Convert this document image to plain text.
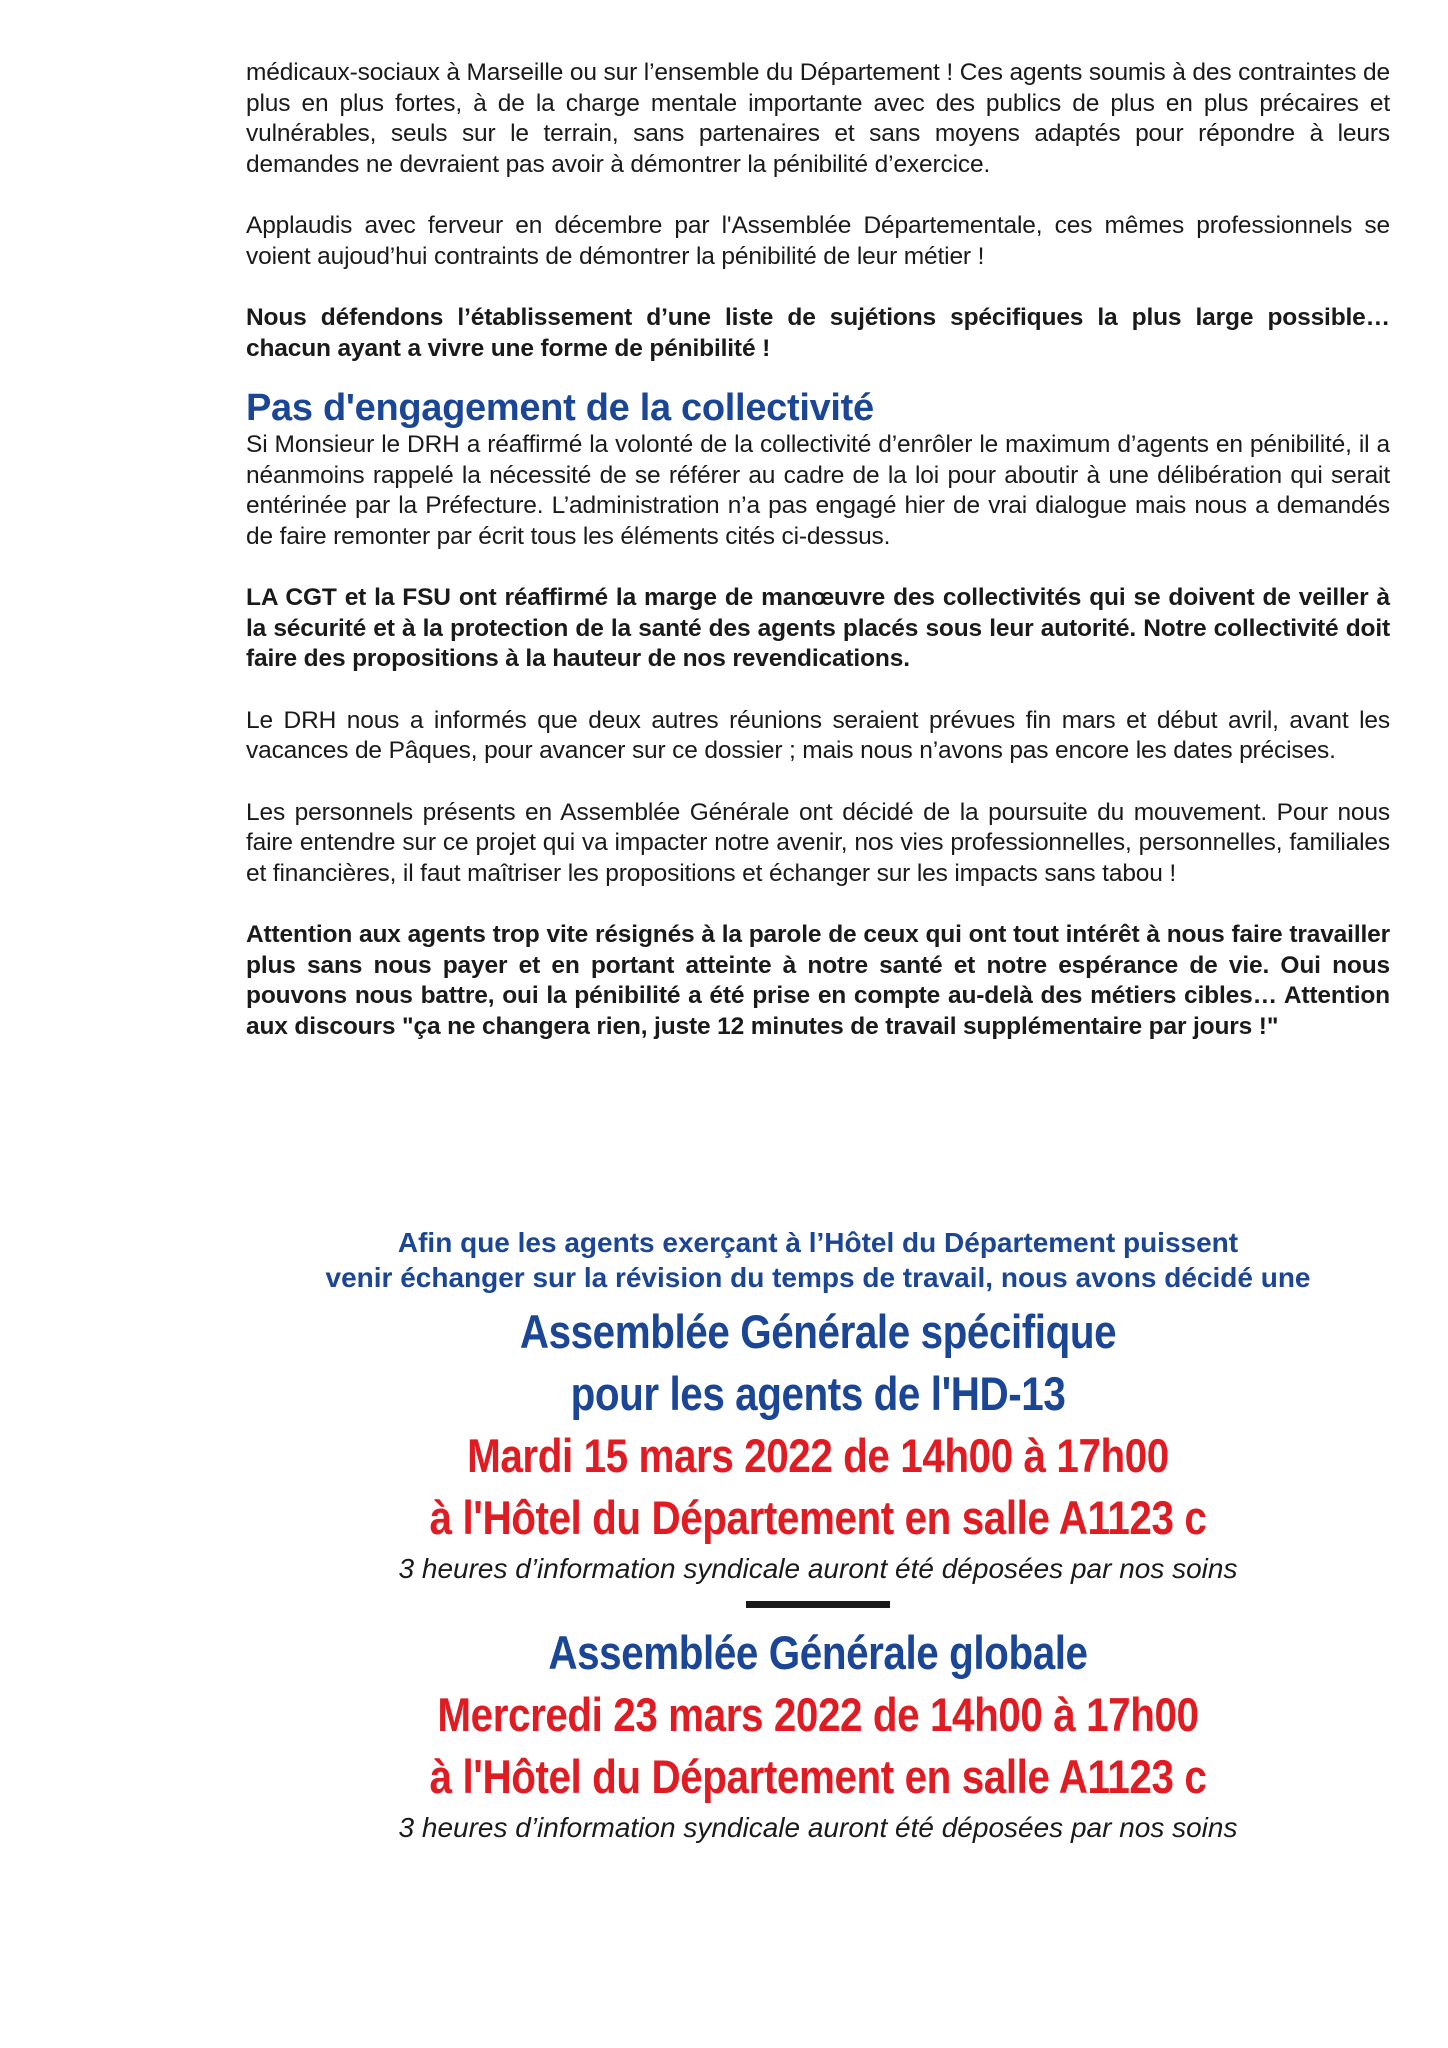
médicaux-sociaux à Marseille ou sur l’ensemble du Département ! Ces agents soumis à des contraintes de plus en plus fortes, à de la charge mentale importante avec des publics de plus en plus précaires et vulnérables, seuls sur le terrain, sans partenaires et sans moyens adaptés pour répondre à leurs demandes ne devraient pas avoir à démontrer la pénibilité d’exercice.

Applaudis avec ferveur en décembre par l'Assemblée Départementale, ces mêmes professionnels se voient aujoud’hui contraints de démontrer la pénibilité de leur métier !

Nous défendons l’établissement d’une liste de sujétions spécifiques la plus large possible… chacun ayant a vivre une forme de pénibilité !

Pas d'engagement de la collectivité

Si Monsieur le DRH a réaffirmé la volonté de la collectivité d’enrôler le maximum d’agents en pénibilité, il a néanmoins rappelé la nécessité de se référer au cadre de la loi pour aboutir à une délibération qui serait entérinée par la Préfecture. L’administration n’a pas engagé hier de vrai dialogue mais nous a demandés de faire remonter par écrit tous les éléments cités ci-dessus.

LA CGT et la FSU ont réaffirmé la marge de manœuvre des collectivités qui se doivent de veiller à la sécurité et à la protection de la santé des agents placés sous leur autorité. Notre collectivité doit faire des propositions à la hauteur de nos revendications.

Le DRH nous a informés que deux autres réunions seraient prévues fin mars et début avril, avant les vacances de Pâques, pour avancer sur ce dossier ; mais nous n’avons pas encore les dates précises.

Les personnels présents en Assemblée Générale ont décidé de la poursuite du mouvement. Pour nous faire entendre sur ce projet qui va impacter notre avenir, nos vies professionnelles, personnelles, familiales et financières, il faut maîtriser les propositions et échanger sur les impacts sans tabou !

Attention aux agents trop vite résignés à la parole de ceux qui ont tout intérêt à nous faire travailler plus sans nous payer et en portant atteinte à notre santé et notre espérance de vie. Oui nous pouvons nous battre, oui la pénibilité a été prise en compte au-delà des métiers cibles… Attention aux discours "ça ne changera rien, juste 12 minutes de travail supplémentaire par jours !"

Afin que les agents exerçant à l’Hôtel du Département puissent

venir échanger sur la révision du temps de travail, nous avons décidé une

Assemblée Générale spécifique

pour les agents de l'HD-13

Mardi 15 mars 2022 de 14h00 à 17h00

à l'Hôtel du Département en salle A1123 c

3 heures d’information syndicale auront été déposées par nos soins

Assemblée Générale globale

Mercredi 23 mars 2022 de 14h00 à 17h00

à l'Hôtel du Département en salle A1123 c

3 heures d’information syndicale auront été déposées par nos soins
